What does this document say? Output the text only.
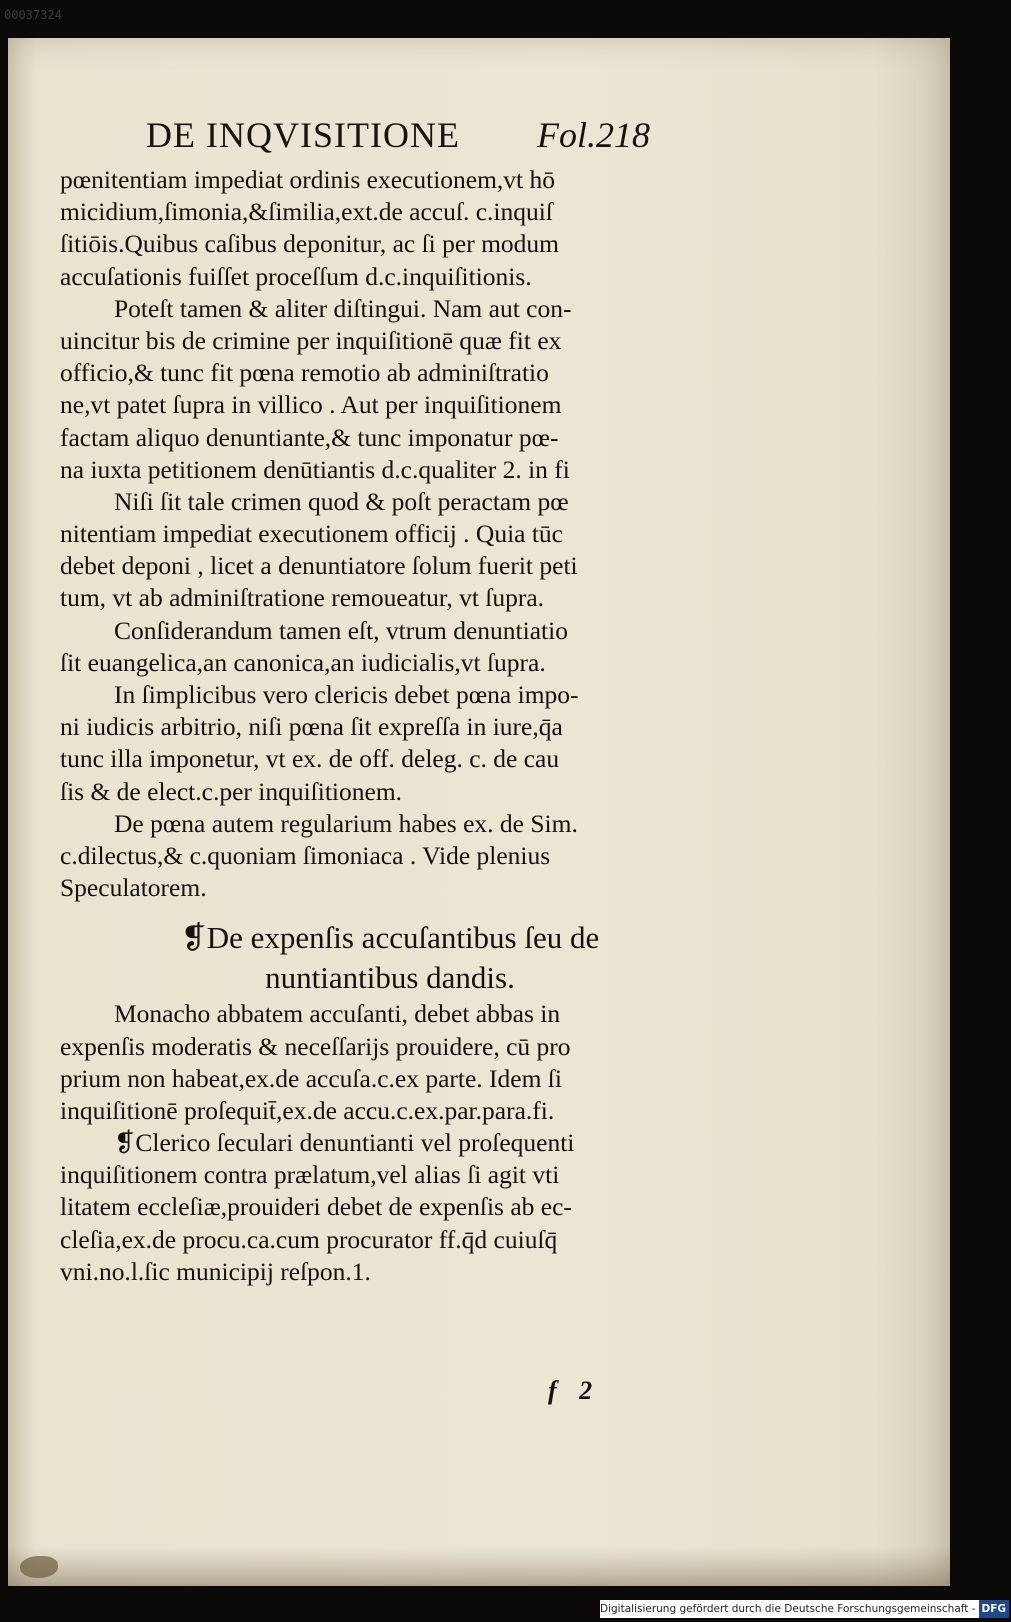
00037324
DE INQVISITIONE Fol.218
pœnitentiam impediat ordinis executionem,vt hō
micidium,ſimonia,&ſimilia,ext.de accuſ. c.inquiſ
ſitiōis.Quibus caſibus deponitur, ac ſi per modum
accuſationis fuiſſet proceſſum d.c.inquiſitionis.
Poteſt tamen & aliter diſtingui. Nam aut con-
uincitur bis de crimine per inquiſitionē quæ fit ex
officio,& tunc fit pœna remotio ab adminiſtratio
ne,vt patet ſupra in villico . Aut per inquiſitionem
factam aliquo denuntiante,& tunc imponatur pœ-
na iuxta petitionem denūtiantis d.c.qualiter 2. in fi
Niſi ſit tale crimen quod & poſt peractam pœ
nitentiam impediat executionem officij . Quia tūc
debet deponi , licet a denuntiatore ſolum fuerit peti
tum, vt ab adminiſtratione remoueatur, vt ſupra.
Conſiderandum tamen eſt, vtrum denuntiatio
ſit euangelica,an canonica,an iudicialis,vt ſupra.
In ſimplicibus vero clericis debet pœna impo-
ni iudicis arbitrio, niſi pœna ſit expreſſa in iure,q̄a
tunc illa imponetur, vt ex. de off. deleg. c. de cau
ſis & de elect.c.per inquiſitionem.
De pœna autem regularium habes ex. de Sim.
c.dilectus,& c.quoniam ſimoniaca . Vide plenius
Speculatorem.
❡De expenſis accuſantibus ſeu de
nuntiantibus dandis.
Monacho abbatem accuſanti, debet abbas in
expenſis moderatis & neceſſarijs prouidere, cū pro
prium non habeat,ex.de accuſa.c.ex parte. Idem ſi
inquiſitionē proſequit̄,ex.de accu.c.ex.par.para.fi.
❡Clerico ſeculari denuntianti vel proſequenti
inquiſitionem contra prælatum,vel alias ſi agit vti
litatem eccleſiæ,prouideri debet de expenſis ab ec-
cleſia,ex.de procu.ca.cum procurator ff.q̄d cuiuſq̄
vni.no.l.ſic municipij reſpon.1.
f 2
Digitalisierung gefördert durch die Deutsche Forschungsgemeinschaft - DFG
